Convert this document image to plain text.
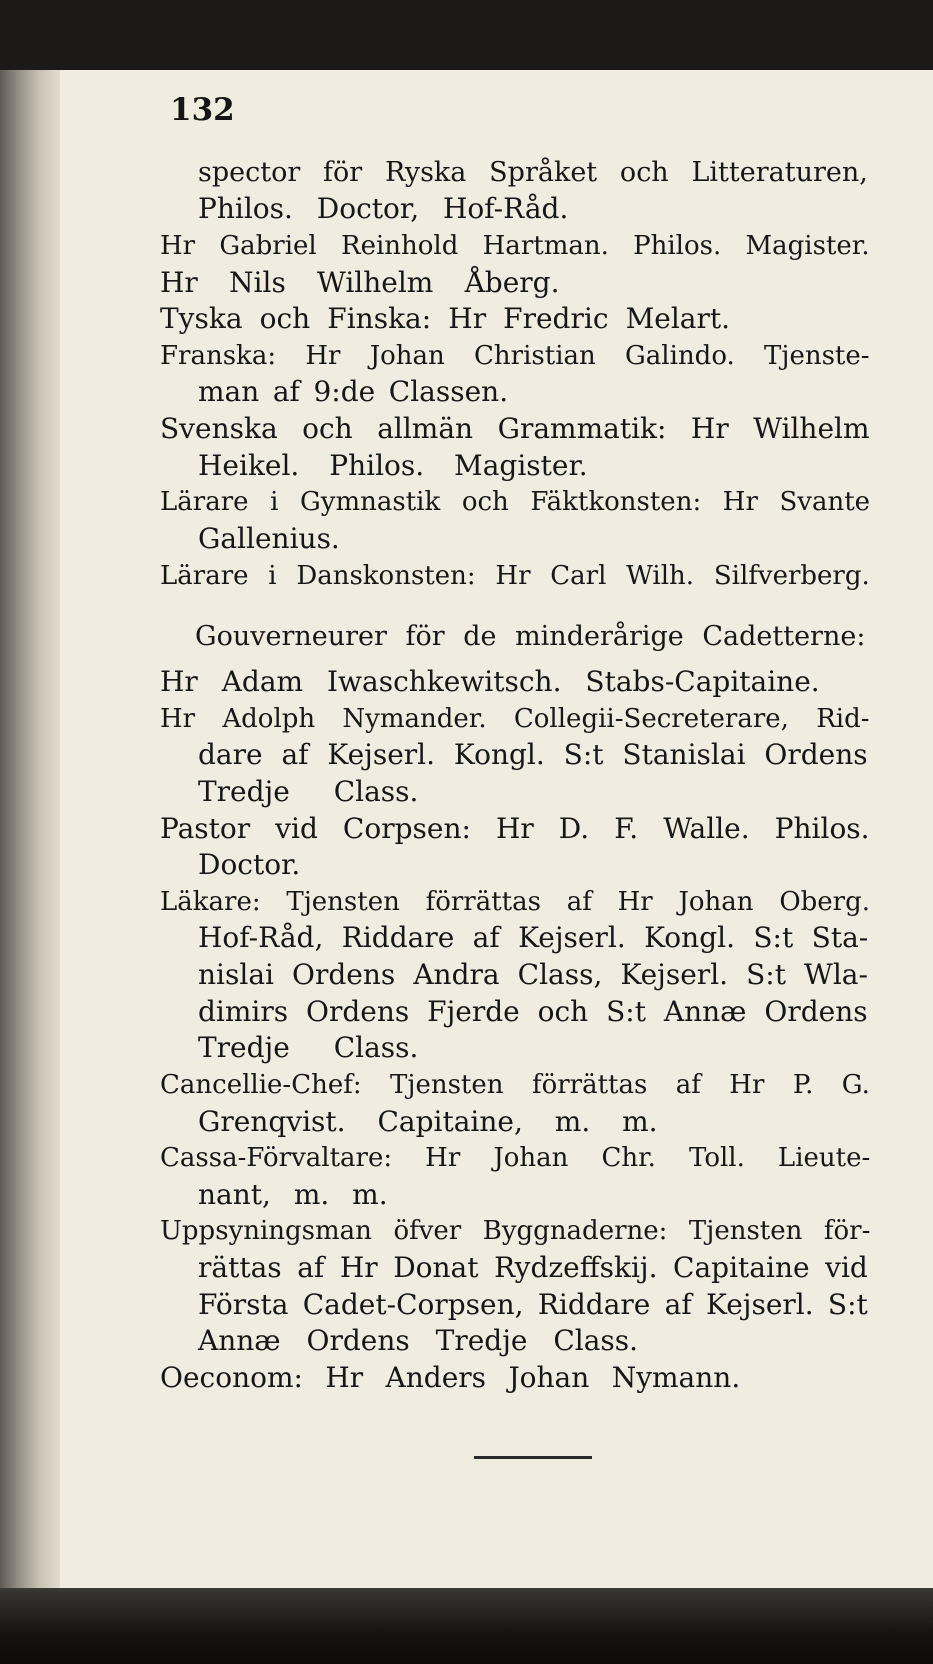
132
spector för Ryska Språket och Litteraturen,
Philos. Doctor, Hof-Råd.
Hr Gabriel Reinhold Hartman. Philos. Magister.
Hr Nils Wilhelm Åberg.
Tyska och Finska: Hr Fredric Melart.
Franska: Hr Johan Christian Galindo. Tjenste-
man af 9:de Classen.
Svenska och allmän Grammatik: Hr Wilhelm
Heikel. Philos. Magister.
Lärare i Gymnastik och Fäktkonsten: Hr Svante
Gallenius.
Lärare i Danskonsten: Hr Carl Wilh. Silfverberg.
Gouverneurer för de minderårige Cadetterne:
Hr Adam Iwaschkewitsch. Stabs-Capitaine.
Hr Adolph Nymander. Collegii-Secreterare, Rid-
dare af Kejserl. Kongl. S:t Stanislai Ordens
Tredje Class.
Pastor vid Corpsen: Hr D. F. Walle. Philos.
Doctor.
Läkare: Tjensten förrättas af Hr Johan Oberg.
Hof-Råd, Riddare af Kejserl. Kongl. S:t Sta-
nislai Ordens Andra Class, Kejserl. S:t Wla-
dimirs Ordens Fjerde och S:t Annæ Ordens
Tredje Class.
Cancellie-Chef: Tjensten förrättas af Hr P. G.
Grenqvist. Capitaine, m. m.
Cassa-Förvaltare: Hr Johan Chr. Toll. Lieute-
nant, m. m.
Uppsyningsman öfver Byggnaderne: Tjensten för-
rättas af Hr Donat Rydzeffskij. Capitaine vid
Första Cadet-Corpsen, Riddare af Kejserl. S:t
Annæ Ordens Tredje Class.
Oeconom: Hr Anders Johan Nymann.
